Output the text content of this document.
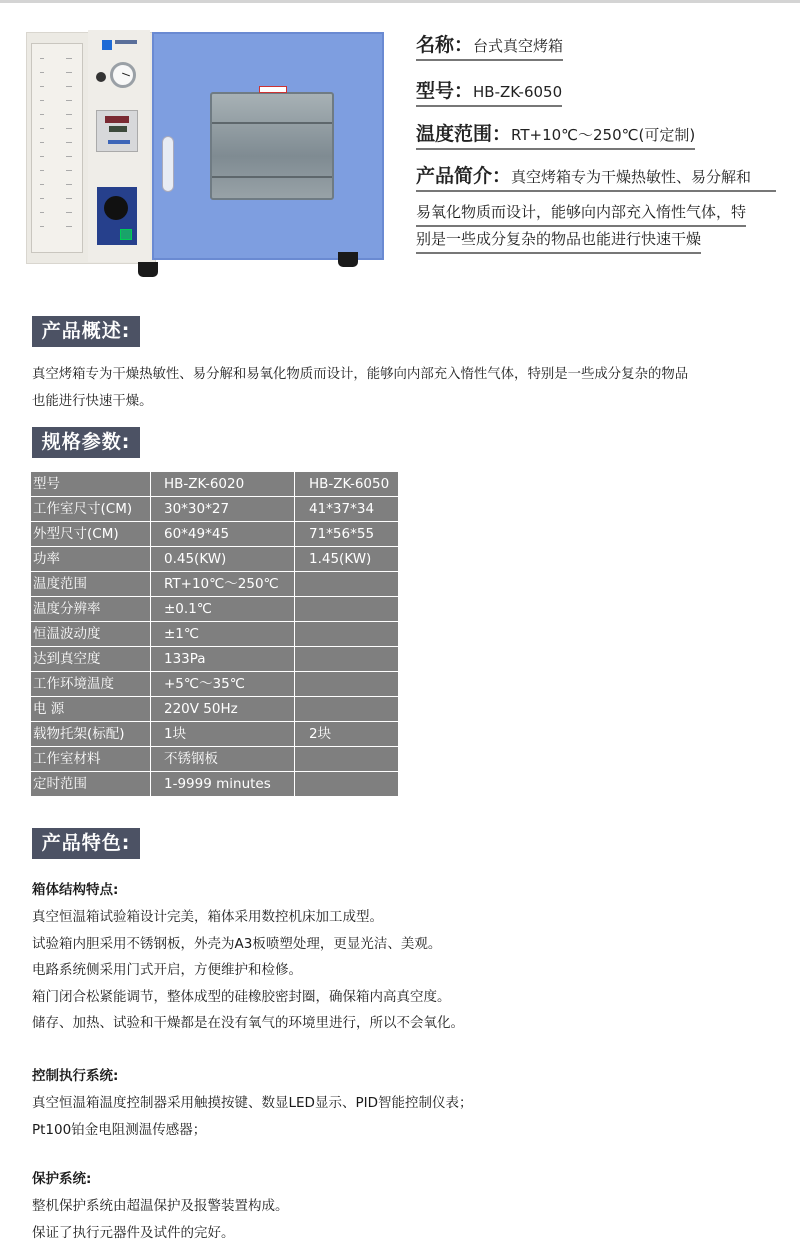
名称：台式真空烤箱
型号：HB-ZK-6050
温度范围：RT+10℃～250℃(可定制)
产品简介：真空烤箱专为干燥热敏性、易分解和
易氧化物质而设计，能够向内部充入惰性气体，特
别是一些成分复杂的物品也能进行快速干燥
产品概述:
真空烤箱专为干燥热敏性、易分解和易氧化物质而设计，能够向内部充入惰性气体，特别是一些成分复杂的物品
也能进行快速干燥。
规格参数:
型号	HB-ZK-6020	HB-ZK-6050
工作室尺寸(CM)	30*30*27	41*37*34
外型尺寸(CM)	60*49*45	71*56*55
功率	0.45(KW)	1.45(KW)
温度范围	RT+10℃～250℃	
温度分辨率	±0.1℃	
恒温波动度	±1℃	
达到真空度	133Pa	
工作环境温度	+5℃～35℃	
电 源	220V 50Hz	
载物托架(标配)	1块	2块
工作室材料	不锈钢板	
定时范围	1-9999 minutes	
产品特色:
箱体结构特点:
真空恒温箱试验箱设计完美，箱体采用数控机床加工成型。
试验箱内胆采用不锈钢板，外壳为A3板喷塑处理，更显光洁、美观。
电路系统侧采用门式开启，方便维护和检修。
箱门闭合松紧能调节，整体成型的硅橡胶密封圈，确保箱内高真空度。
储存、加热、试验和干燥都是在没有氧气的环境里进行，所以不会氧化。
控制执行系统:
真空恒温箱温度控制器采用触摸按键、数显LED显示、PID智能控制仪表；
Pt100铂金电阻测温传感器；
保护系统:
整机保护系统由超温保护及报警装置构成。
保证了执行元器件及试件的完好。
